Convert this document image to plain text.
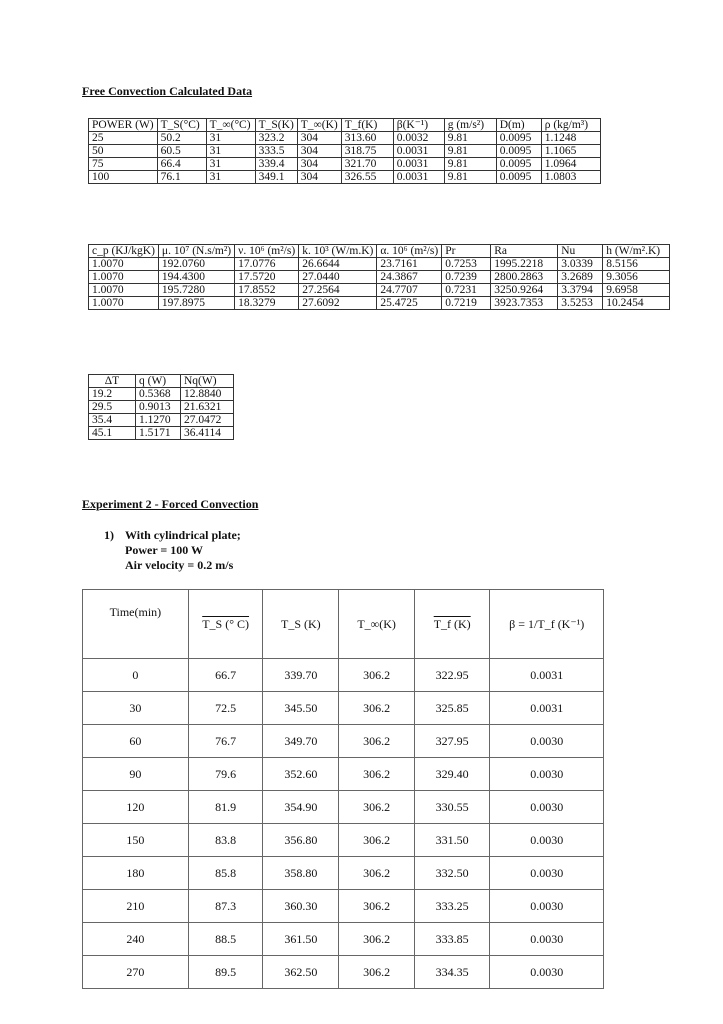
Free Convection Calculated Data
POWER (W)	T_S(°C)	T_∞(°C)	T_S(K)	T_∞(K)	T_f(K)	β(K⁻¹)	g (m/s²)	D(m)	ρ (kg/m³)
25	50.2	31	323.2	304	313.60	0.0032	9.81	0.0095	1.1248
50	60.5	31	333.5	304	318.75	0.0031	9.81	0.0095	1.1065
75	66.4	31	339.4	304	321.70	0.0031	9.81	0.0095	1.0964
100	76.1	31	349.1	304	326.55	0.0031	9.81	0.0095	1.0803
c_p (KJ/kgK)	μ. 10⁷ (N.s/m²)	ν. 10⁶ (m²/s)	k. 10³ (W/m.K)	α. 10⁶ (m²/s)	Pr	Ra	Nu	h (W/m².K)
1.0070	192.0760	17.0776	26.6644	23.7161	0.7253	1995.2218	3.0339	8.5156
1.0070	194.4300	17.5720	27.0440	24.3867	0.7239	2800.2863	3.2689	9.3056
1.0070	195.7280	17.8552	27.2564	24.7707	0.7231	3250.9264	3.3794	9.6958
1.0070	197.8975	18.3279	27.6092	25.4725	0.7219	3923.7353	3.5253	10.2454
ΔT	q (W)	Nq(W)
19.2	0.5368	12.8840
29.5	0.9013	21.6321
35.4	1.1270	27.0472
45.1	1.5171	36.4114
Experiment 2 - Forced Convection
1) With cylindrical plate;
Power = 100 W
Air velocity = 0.2 m/s
Time(min)	T_S (° C)	T_S (K)	T_∞(K)	T_f (K)	β = 1/T_f (K⁻¹)
0	66.7	339.70	306.2	322.95	0.0031
30	72.5	345.50	306.2	325.85	0.0031
60	76.7	349.70	306.2	327.95	0.0030
90	79.6	352.60	306.2	329.40	0.0030
120	81.9	354.90	306.2	330.55	0.0030
150	83.8	356.80	306.2	331.50	0.0030
180	85.8	358.80	306.2	332.50	0.0030
210	87.3	360.30	306.2	333.25	0.0030
240	88.5	361.50	306.2	333.85	0.0030
270	89.5	362.50	306.2	334.35	0.0030
